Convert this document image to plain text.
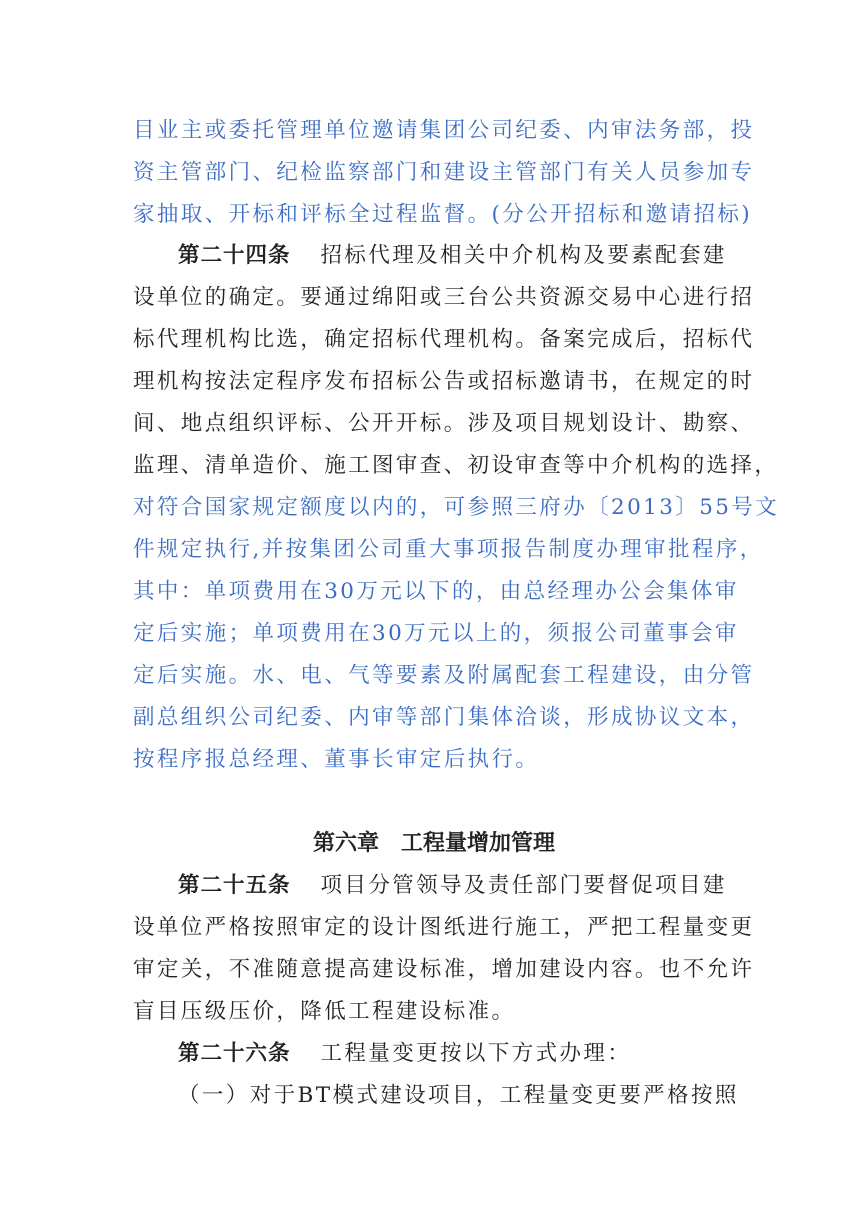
目业主或委托管理单位邀请集团公司纪委、内审法务部，投
资主管部门、纪检监察部门和建设主管部门有关人员参加专
家抽取、开标和评标全过程监督。(分公开招标和邀请招标)
第二十四条 招标代理及相关中介机构及要素配套建
设单位的确定。要通过绵阳或三台公共资源交易中心进行招
标代理机构比选，确定招标代理机构。备案完成后，招标代
理机构按法定程序发布招标公告或招标邀请书，在规定的时
间、地点组织评标、公开开标。涉及项目规划设计、勘察、
监理、清单造价、施工图审查、初设审查等中介机构的选择，
对符合国家规定额度以内的，可参照三府办〔2013〕55号文
件规定执行,并按集团公司重大事项报告制度办理审批程序，
其中：单项费用在30万元以下的，由总经理办公会集体审
定后实施；单项费用在30万元以上的，须报公司董事会审
定后实施。水、电、气等要素及附属配套工程建设，由分管
副总组织公司纪委、内审等部门集体洽谈，形成协议文本，
按程序报总经理、董事长审定后执行。
第六章　工程量增加管理
第二十五条 项目分管领导及责任部门要督促项目建
设单位严格按照审定的设计图纸进行施工，严把工程量变更
审定关，不准随意提高建设标准，增加建设内容。也不允许
盲目压级压价，降低工程建设标准。
第二十六条 工程量变更按以下方式办理：
（一）对于BT模式建设项目，工程量变更要严格按照
